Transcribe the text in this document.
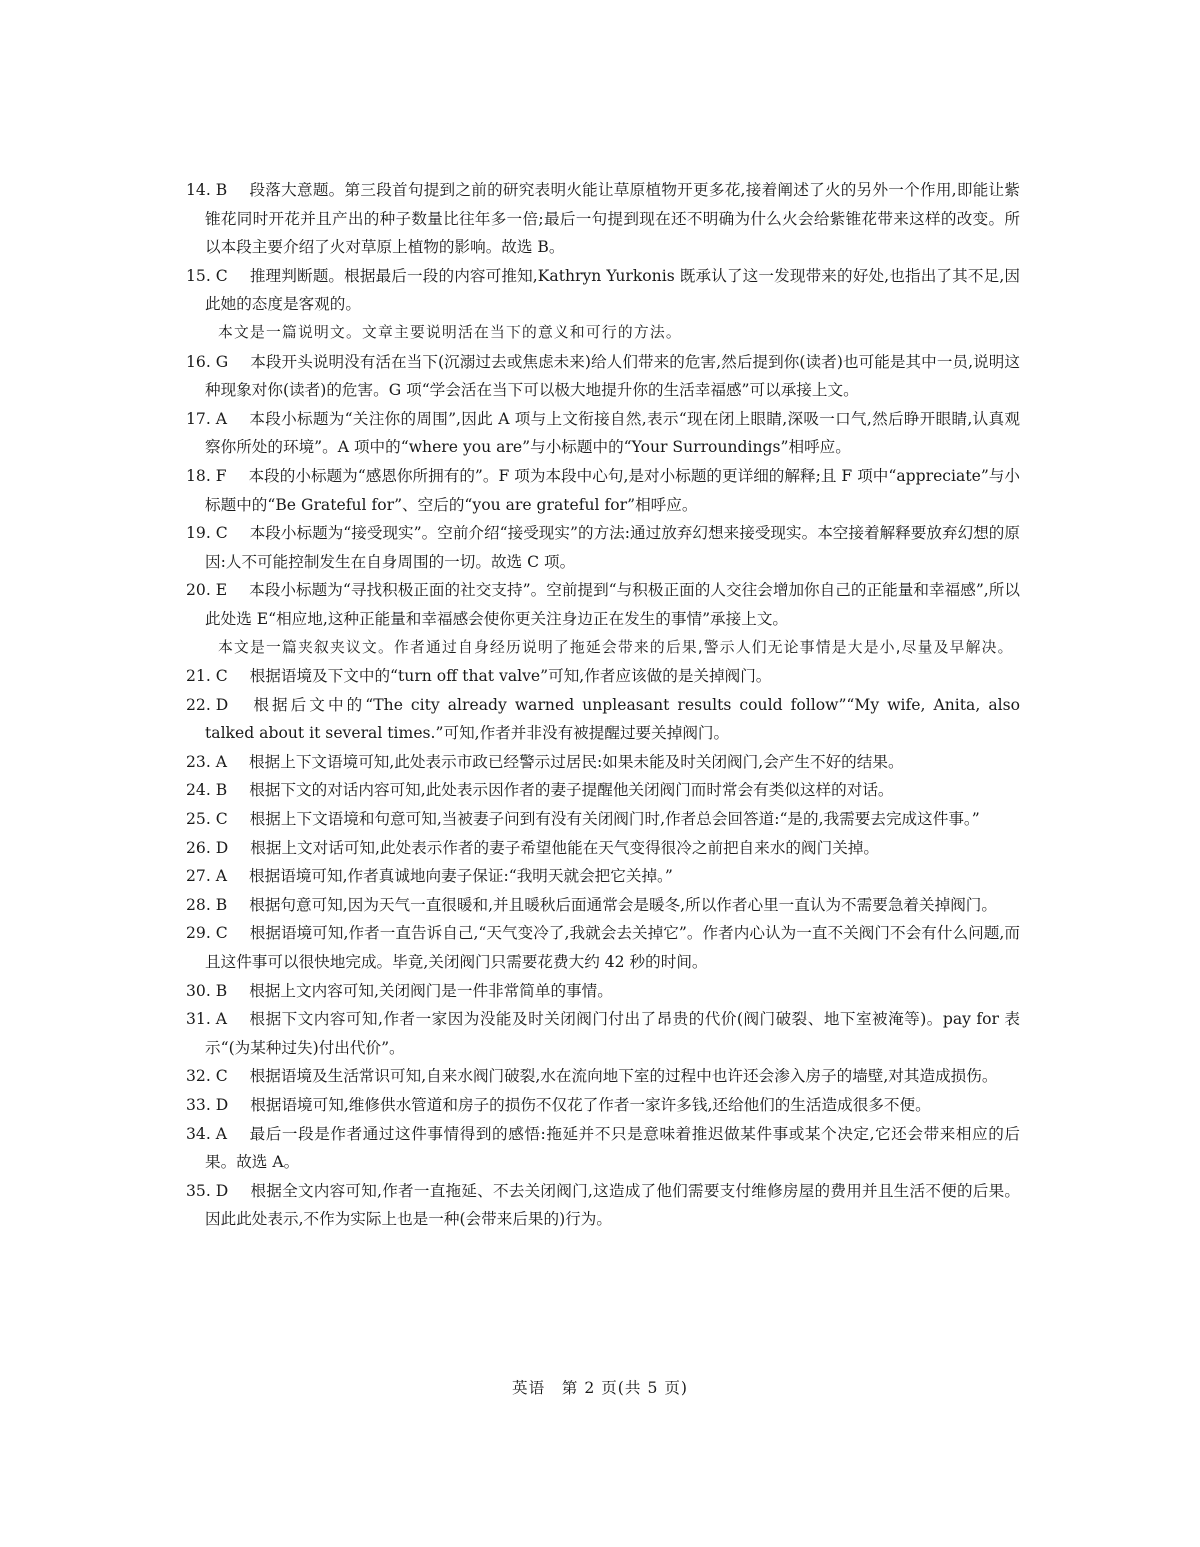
14. B 段落大意题。第三段首句提到之前的研究表明火能让草原植物开更多花,接着阐述了火的另外一个作用,即能让紫锥花同时开花并且产出的种子数量比往年多一倍;最后一句提到现在还不明确为什么火会给紫锥花带来这样的改变。所以本段主要介绍了火对草原上植物的影响。故选 B。

15. C 推理判断题。根据最后一段的内容可推知,Kathryn Yurkonis 既承认了这一发现带来的好处,也指出了其不足,因此她的态度是客观的。

本文是一篇说明文。文章主要说明活在当下的意义和可行的方法。

16. G 本段开头说明没有活在当下(沉溺过去或焦虑未来)给人们带来的危害,然后提到你(读者)也可能是其中一员,说明这种现象对你(读者)的危害。G 项“学会活在当下可以极大地提升你的生活幸福感”可以承接上文。

17. A 本段小标题为“关注你的周围”,因此 A 项与上文衔接自然,表示“现在闭上眼睛,深吸一口气,然后睁开眼睛,认真观察你所处的环境”。A 项中的“where you are”与小标题中的“Your Surroundings”相呼应。

18. F 本段的小标题为“感恩你所拥有的”。F 项为本段中心句,是对小标题的更详细的解释;且 F 项中“appreciate”与小标题中的“Be Grateful for”、空后的“you are grateful for”相呼应。

19. C 本段小标题为“接受现实”。空前介绍“接受现实”的方法:通过放弃幻想来接受现实。本空接着解释要放弃幻想的原因:人不可能控制发生在自身周围的一切。故选 C 项。

20. E 本段小标题为“寻找积极正面的社交支持”。空前提到“与积极正面的人交往会增加你自己的正能量和幸福感”,所以此处选 E“相应地,这种正能量和幸福感会使你更关注身边正在发生的事情”承接上文。

本文是一篇夹叙夹议文。作者通过自身经历说明了拖延会带来的后果,警示人们无论事情是大是小,尽量及早解决。

21. C 根据语境及下文中的“turn off that valve”可知,作者应该做的是关掉阀门。

22. D 根据后文中的“The city already warned unpleasant results could follow”“My wife, Anita, also talked about it several times.”可知,作者并非没有被提醒过要关掉阀门。

23. A 根据上下文语境可知,此处表示市政已经警示过居民:如果未能及时关闭阀门,会产生不好的结果。

24. B 根据下文的对话内容可知,此处表示因作者的妻子提醒他关闭阀门而时常会有类似这样的对话。

25. C 根据上下文语境和句意可知,当被妻子问到有没有关闭阀门时,作者总会回答道:“是的,我需要去完成这件事。”

26. D 根据上文对话可知,此处表示作者的妻子希望他能在天气变得很冷之前把自来水的阀门关掉。

27. A 根据语境可知,作者真诚地向妻子保证:“我明天就会把它关掉。”

28. B 根据句意可知,因为天气一直很暖和,并且暖秋后面通常会是暖冬,所以作者心里一直认为不需要急着关掉阀门。

29. C 根据语境可知,作者一直告诉自己,“天气变冷了,我就会去关掉它”。作者内心认为一直不关阀门不会有什么问题,而且这件事可以很快地完成。毕竟,关闭阀门只需要花费大约 42 秒的时间。

30. B 根据上文内容可知,关闭阀门是一件非常简单的事情。

31. A 根据下文内容可知,作者一家因为没能及时关闭阀门付出了昂贵的代价(阀门破裂、地下室被淹等)。pay for 表示“(为某种过失)付出代价”。

32. C 根据语境及生活常识可知,自来水阀门破裂,水在流向地下室的过程中也许还会渗入房子的墙壁,对其造成损伤。

33. D 根据语境可知,维修供水管道和房子的损伤不仅花了作者一家许多钱,还给他们的生活造成很多不便。

34. A 最后一段是作者通过这件事情得到的感悟:拖延并不只是意味着推迟做某件事或某个决定,它还会带来相应的后果。故选 A。

35. D 根据全文内容可知,作者一直拖延、不去关闭阀门,这造成了他们需要支付维修房屋的费用并且生活不便的后果。因此此处表示,不作为实际上也是一种(会带来后果的)行为。

英语　第 2 页(共 5 页)
